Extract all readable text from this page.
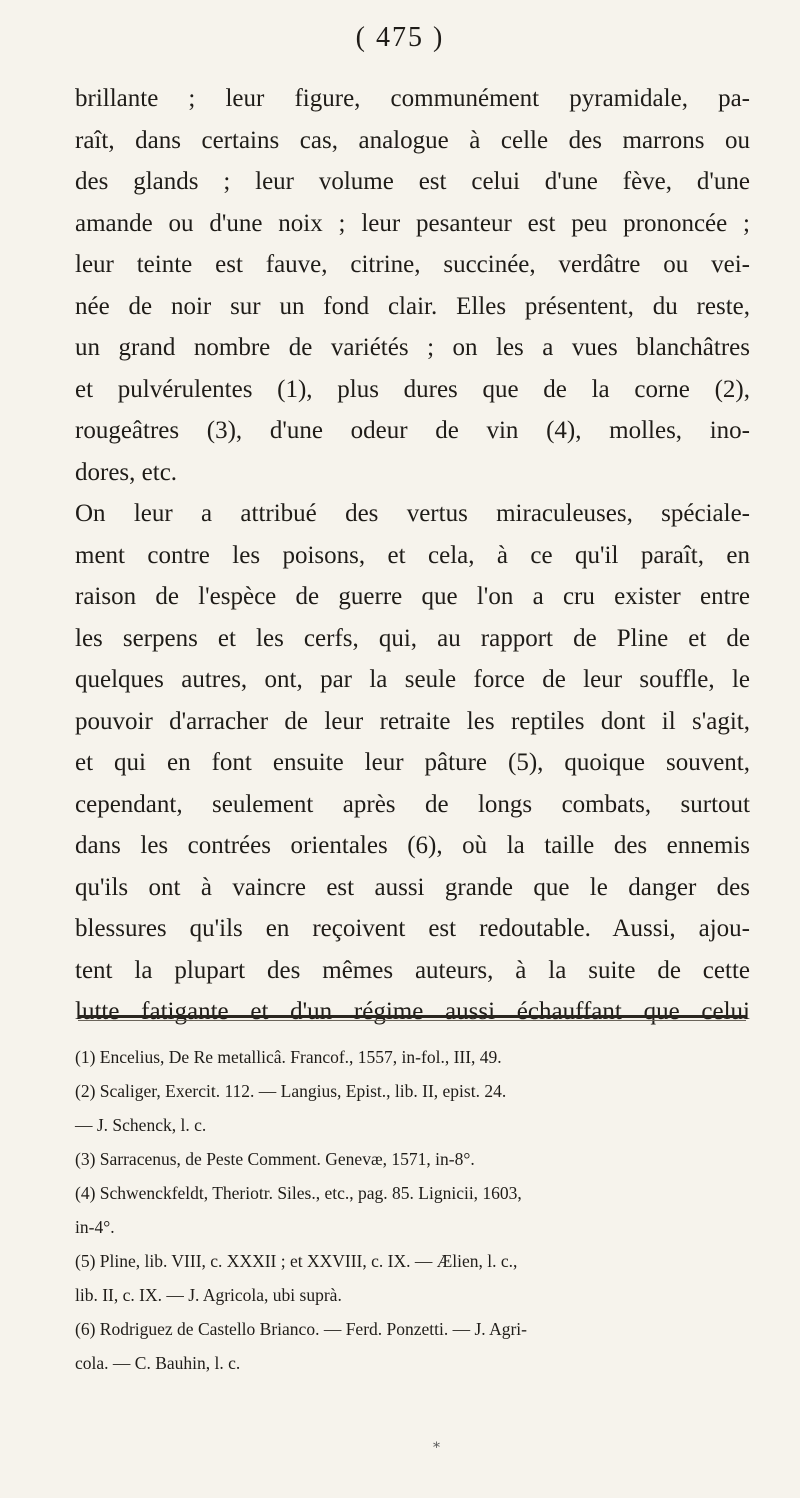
( 475 )
brillante ; leur figure, communément pyramidale, pa-
raît, dans certains cas, analogue à celle des marrons ou
des glands ; leur volume est celui d'une fève, d'une
amande ou d'une noix ; leur pesanteur est peu prononcée ;
leur teinte est fauve, citrine, succinée, verdâtre ou vei-
née de noir sur un fond clair. Elles présentent, du reste,
un grand nombre de variétés ; on les a vues blanchâtres
et pulvérulentes (1), plus dures que de la corne (2),
rougeâtres (3), d'une odeur de vin (4), molles, ino-
dores, etc.
On leur a attribué des vertus miraculeuses, spéciale-
ment contre les poisons, et cela, à ce qu'il paraît, en
raison de l'espèce de guerre que l'on a cru exister entre
les serpens et les cerfs, qui, au rapport de Pline et de
quelques autres, ont, par la seule force de leur souffle, le
pouvoir d'arracher de leur retraite les reptiles dont il s'agit,
et qui en font ensuite leur pâture (5), quoique souvent,
cependant, seulement après de longs combats, surtout
dans les contrées orientales (6), où la taille des ennemis
qu'ils ont à vaincre est aussi grande que le danger des
blessures qu'ils en reçoivent est redoutable. Aussi, ajou-
tent la plupart des mêmes auteurs, à la suite de cette
lutte fatigante et d'un régime aussi échauffant que celui
(1) Encelius, De Re metallicâ. Francof., 1557, in-fol., III, 49.
(2) Scaliger, Exercit. 112. — Langius, Epist., lib. II, epist. 24.
— J. Schenck, l. c.
(3) Sarracenus, de Peste Comment. Genevæ, 1571, in-8°.
(4) Schwenckfeldt, Theriotr. Siles., etc., pag. 85. Lignicii, 1603,
in-4°.
(5) Pline, lib. VIII, c. XXXII ; et XXVIII, c. IX. — Ælien, l. c.,
lib. II, c. IX. — J. Agricola, ubi suprà.
(6) Rodriguez de Castello Brianco. — Ferd. Ponzetti. — J. Agri-
cola. — C. Bauhin, l. c.
*
